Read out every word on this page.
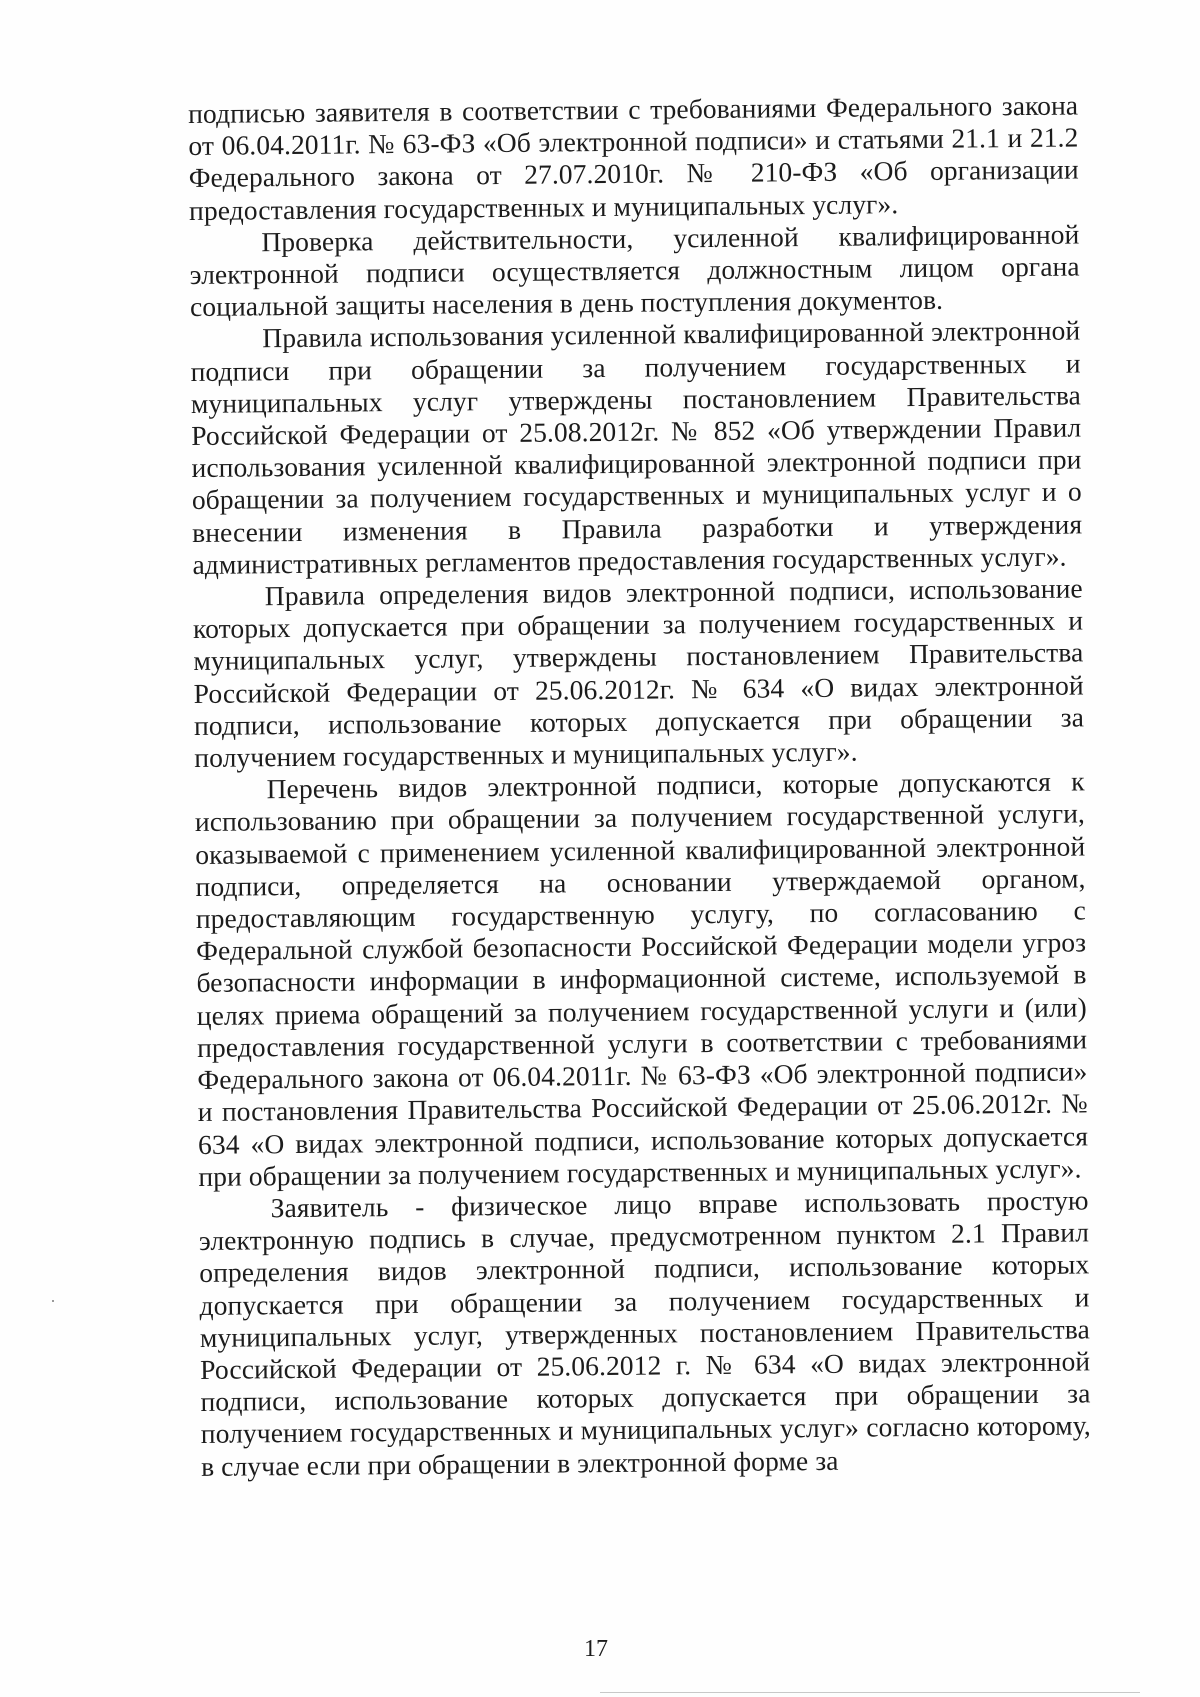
подписью заявителя в соответствии с требованиями Федерального закона от 06.04.2011г. № 63-ФЗ «Об электронной подписи» и статьями 21.1 и 21.2 Федерального закона от 27.07.2010г. № 210-ФЗ «Об организации предоставления государственных и муниципальных услуг».

Проверка действительности, усиленной квалифицированной электронной подписи осуществляется должностным лицом органа социальной защиты населения в день поступления документов.

Правила использования усиленной квалифицированной электронной подписи при обращении за получением государственных и муниципальных услуг утверждены постановлением Правительства Российской Федерации от 25.08.2012г. № 852 «Об утверждении Правил использования усиленной квалифицированной электронной подписи при обращении за получением государственных и муниципальных услуг и о внесении изменения в Правила разработки и утверждения административных регламентов предоставления государственных услуг».

Правила определения видов электронной подписи, использование которых допускается при обращении за получением государственных и муниципальных услуг, утверждены постановлением Правительства Российской Федерации от 25.06.2012г. № 634 «О видах электронной подписи, использование которых допускается при обращении за получением государственных и муниципальных услуг».

Перечень видов электронной подписи, которые допускаются к использованию при обращении за получением государственной услуги, оказываемой с применением усиленной квалифицированной электронной подписи, определяется на основании утверждаемой органом, предоставляющим государственную услугу, по согласованию с Федеральной службой безопасности Российской Федерации модели угроз безопасности информации в информационной системе, используемой в целях приема обращений за получением государственной услуги и (или) предоставления государственной услуги в соответствии с требованиями Федерального закона от 06.04.2011г. № 63-ФЗ «Об электронной подписи» и постановления Правительства Российской Федерации от 25.06.2012г. № 634 «О видах электронной подписи, использование которых допускается при обращении за получением государственных и муниципальных услуг».

Заявитель - физическое лицо вправе использовать простую электронную подпись в случае, предусмотренном пунктом 2.1 Правил определения видов электронной подписи, использование которых допускается при обращении за получением государственных и муниципальных услуг, утвержденных постановлением Правительства Российской Федерации от 25.06.2012 г. № 634 «О видах электронной подписи, использование которых допускается при обращении за получением государственных и муниципальных услуг» согласно которому, в случае если при обращении в электронной форме за

17
